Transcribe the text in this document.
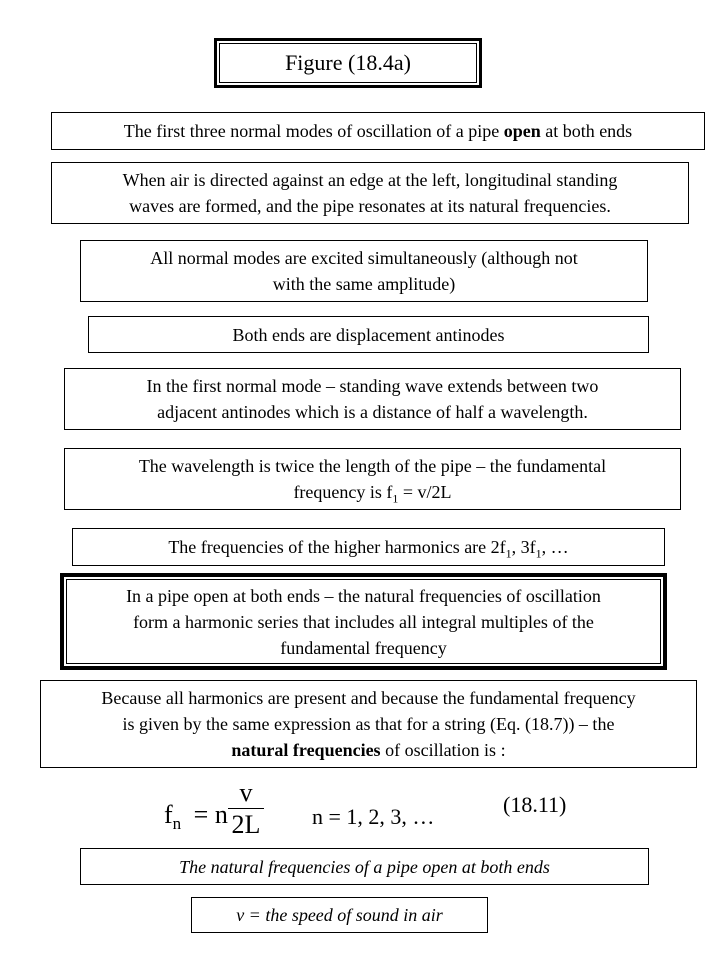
Figure (18.4a)
The first three normal modes of oscillation of a pipe open at both ends
When air is directed against an edge at the left, longitudinal standing
waves are formed, and the pipe resonates at its natural frequencies.
All normal modes are excited simultaneously (although not
with the same amplitude)
Both ends are displacement antinodes
In the first normal mode – standing wave extends between two
adjacent antinodes which is a distance of half a wavelength.
The wavelength is twice the length of the pipe – the fundamental
frequency is $f_1 = v/2L$
The frequencies of the higher harmonics are $2f_1$, $3f_1$, …
In a pipe open at both ends – the natural frequencies of oscillation
form a harmonic series that includes all integral multiples of the
fundamental frequency
Because all harmonics are present and because the fundamental frequency
is given by the same expression as that for a string (Eq. (18.7)) – the
natural frequencies of oscillation is :
$f_n = n$
v
2L n = 1, 2, 3, …	(18.11)
The natural frequencies of a pipe open at both ends
v = the speed of sound in air
